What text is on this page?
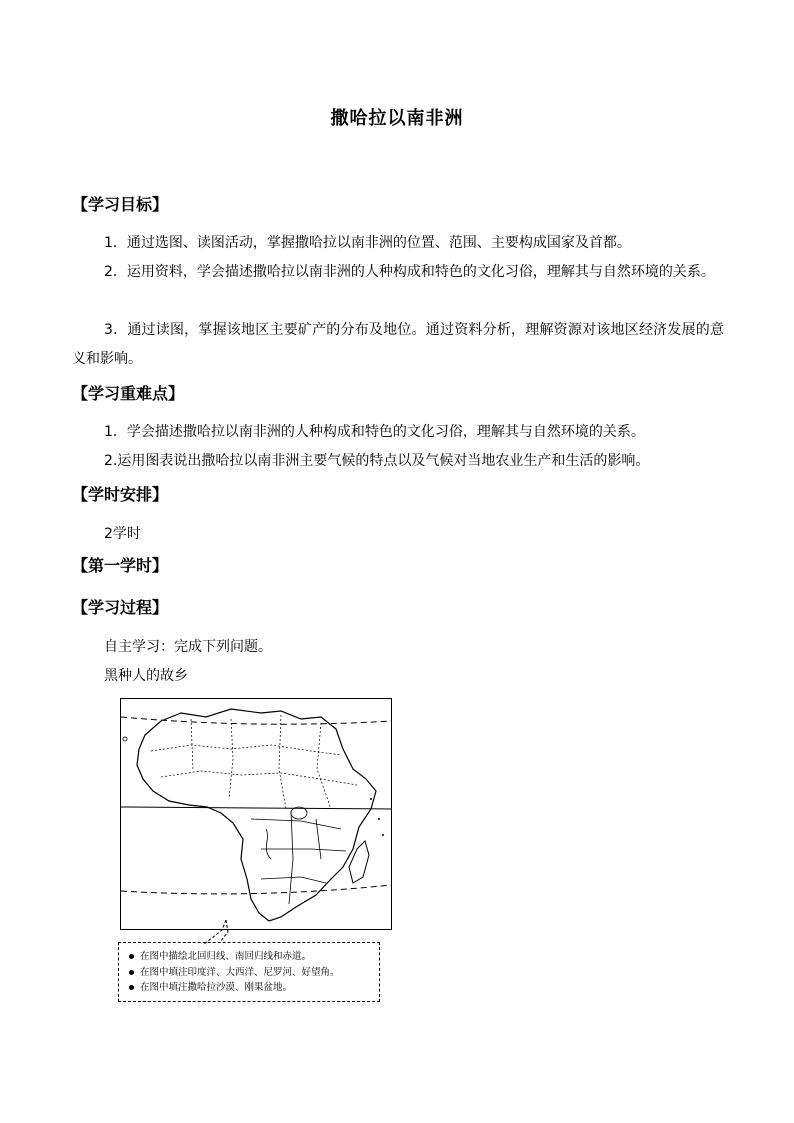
撒哈拉以南非洲
【学习目标】
1．通过选图、读图活动，掌握撒哈拉以南非洲的位置、范围、主要构成国家及首都。
2．运用资料，学会描述撒哈拉以南非洲的人种构成和特色的文化习俗，理解其与自然环境的关系。
3．通过读图，掌握该地区主要矿产的分布及地位。通过资料分析，理解资源对该地区经济发展的意义和影响。
【学习重难点】
1．学会描述撒哈拉以南非洲的人种构成和特色的文化习俗，理解其与自然环境的关系。
2.运用图表说出撒哈拉以南非洲主要气候的特点以及气候对当地农业生产和生活的影响。
【学时安排】
2学时
【第一学时】
【学习过程】
自主学习：完成下列问题。
黑种人的故乡
在图中描绘北回归线、南回归线和赤道。
在图中填注印度洋、大西洋、尼罗河、好望角。
在图中填注撒哈拉沙漠、刚果盆地。
